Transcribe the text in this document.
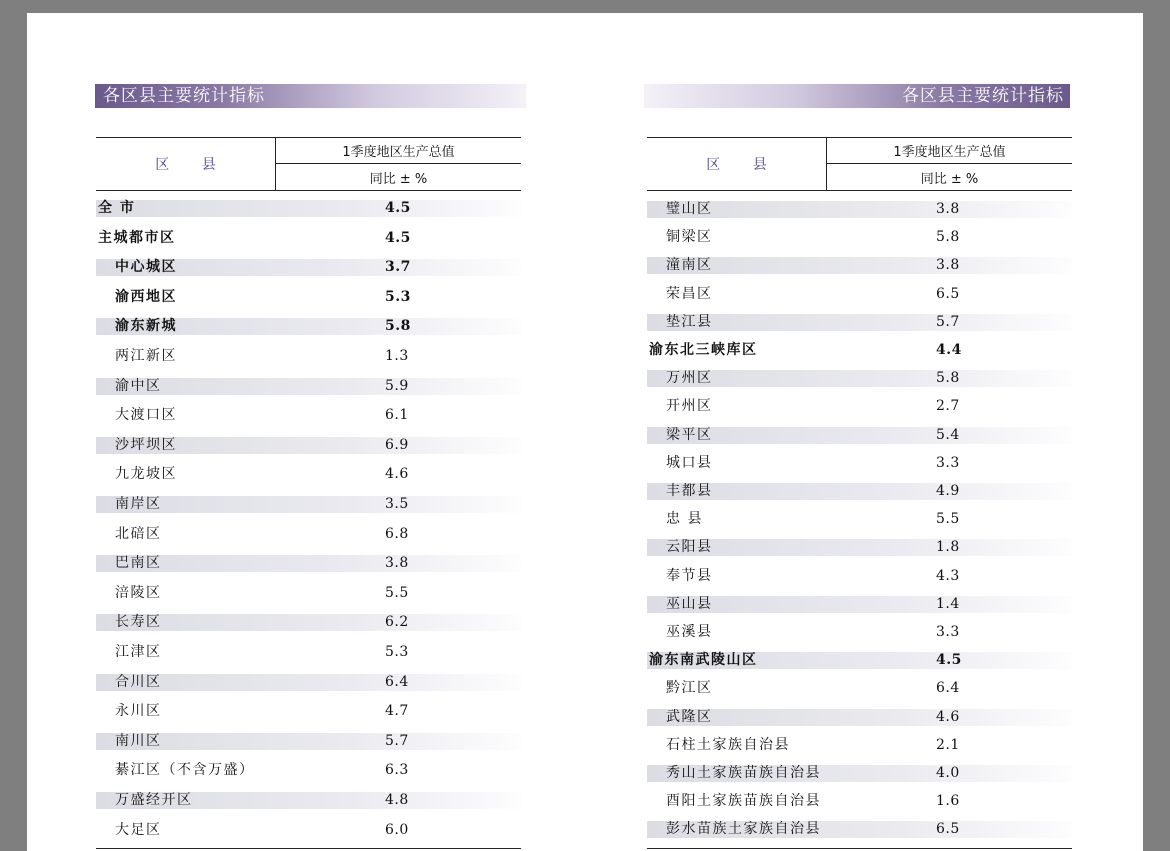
各区县主要统计指标	各区县主要统计指标
区 县
1季度地区生产总值
同比 ± %
全 市	4.5
主城都市区	4.5
中心城区	3.7
渝西地区	5.3
渝东新城	5.8
两江新区	1.3
渝中区	5.9
大渡口区	6.1
沙坪坝区	6.9
九龙坡区	4.6
南岸区	3.5
北碚区	6.8
巴南区	3.8
涪陵区	5.5
长寿区	6.2
江津区	5.3
合川区	6.4
永川区	4.7
南川区	5.7
綦江区（不含万盛）	6.3
万盛经开区	4.8
大足区	6.0
区 县
1季度地区生产总值
同比 ± %
璧山区	3.8
铜梁区	5.8
潼南区	3.8
荣昌区	6.5
垫江县	5.7
渝东北三峡库区	4.4
万州区	5.8
开州区	2.7
梁平区	5.4
城口县	3.3
丰都县	4.9
忠 县	5.5
云阳县	1.8
奉节县	4.3
巫山县	1.4
巫溪县	3.3
渝东南武陵山区	4.5
黔江区	6.4
武隆区	4.6
石柱土家族自治县	2.1
秀山土家族苗族自治县	4.0
酉阳土家族苗族自治县	1.6
彭水苗族土家族自治县	6.5
